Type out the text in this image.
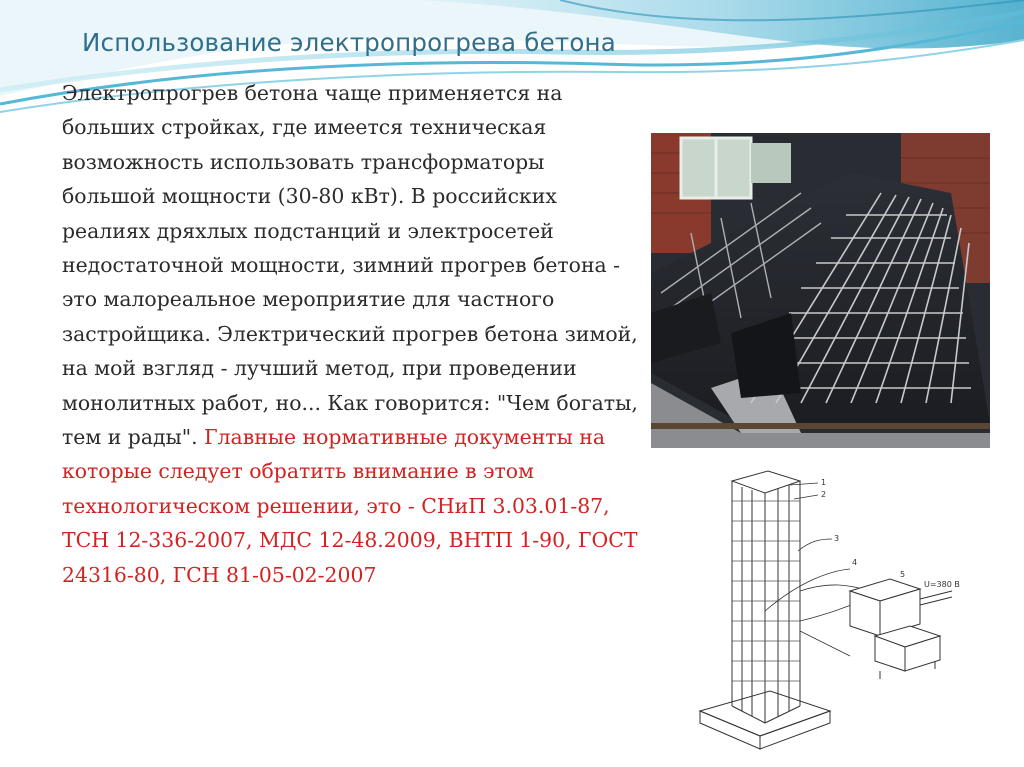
Использование электропрогрева бетона
Электропрогрев бетона чаще применяется на больших стройках, где имеется техническая возможность использовать трансформаторы большой мощности (30-80 кВт). В российских реалиях дряхлых подстанций и электросетей недостаточной мощности, зимний прогрев бетона - это малореальное мероприятие для частного застройщика. Электрический прогрев бетона зимой, на мой взгляд - лучший метод, при проведении монолитных работ, но... Как говорится: "Чем богаты, тем и рады". Главные нормативные документы на которые следует обратить внимание в этом технологическом решении, это - СНиП 3.03.01-87, ТСН 12-336-2007, МДС 12-48.2009, ВНТП 1-90, ГОСТ 24316-80, ГСН 81-05-02-2007
1
2
3
4
5
U=380 В
